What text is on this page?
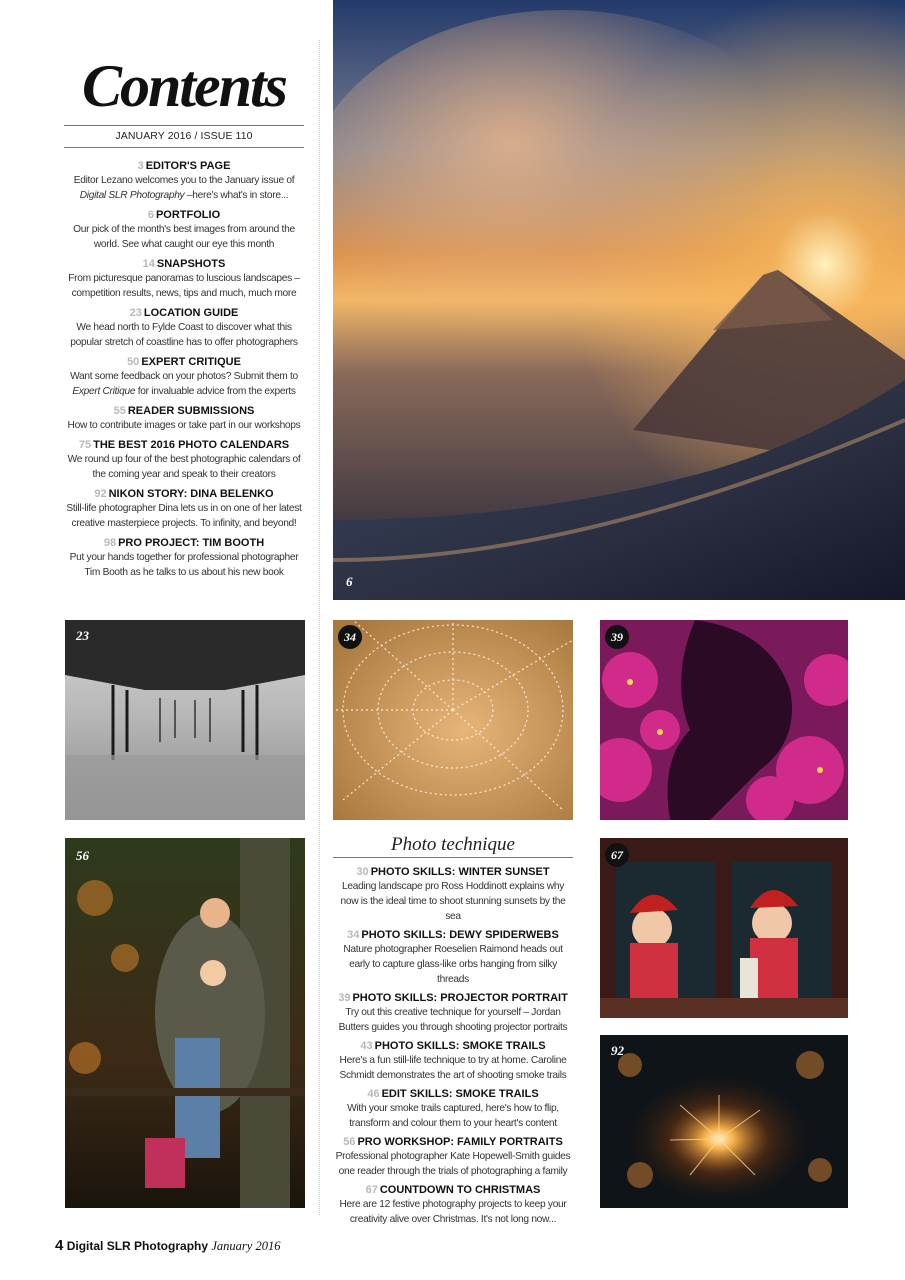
Contents
JANUARY 2016 / ISSUE 110
3 EDITOR'S PAGE
Editor Lezano welcomes you to the January issue of Digital SLR Photography –here's what's in store...
6 PORTFOLIO
Our pick of the month's best images from around the world. See what caught our eye this month
14 SNAPSHOTS
From picturesque panoramas to luscious landscapes – competition results, news, tips and much, much more
23 LOCATION GUIDE
We head north to Fylde Coast to discover what this popular stretch of coastline has to offer photographers
50 EXPERT CRITIQUE
Want some feedback on your photos? Submit them to Expert Critique for invaluable advice from the experts
55 READER SUBMISSIONS
How to contribute images or take part in our workshops
75 THE BEST 2016 PHOTO CALENDARS
We round up four of the best photographic calendars of the coming year and speak to their creators
92 NIKON STORY: DINA BELENKO
Still-life photographer Dina lets us in on one of her latest creative masterpiece projects. To infinity, and beyond!
98 PRO PROJECT: TIM BOOTH
Put your hands together for professional photographer Tim Booth as he talks to us about his new book
6
23	34	39
56
Photo technique
30 PHOTO SKILLS: WINTER SUNSET
Leading landscape pro Ross Hoddinott explains why now is the ideal time to shoot stunning sunsets by the sea
34 PHOTO SKILLS: DEWY SPIDERWEBS
Nature photographer Roeselien Raimond heads out early to capture glass-like orbs hanging from silky threads
39 PHOTO SKILLS: PROJECTOR PORTRAIT
Try out this creative technique for yourself – Jordan Butters guides you through shooting projector portraits
43 PHOTO SKILLS: SMOKE TRAILS
Here's a fun still-life technique to try at home. Caroline Schmidt demonstrates the art of shooting smoke trails
46 EDIT SKILLS: SMOKE TRAILS
With your smoke trails captured, here's how to flip, transform and colour them to your heart's content
56 PRO WORKSHOP: FAMILY PORTRAITS
Professional photographer Kate Hopewell-Smith guides one reader through the trials of photographing a family
67 COUNTDOWN TO CHRISTMAS
Here are 12 festive photography projects to keep your creativity alive over Christmas. It's not long now...
67
92
4 Digital SLR Photography January 2016
